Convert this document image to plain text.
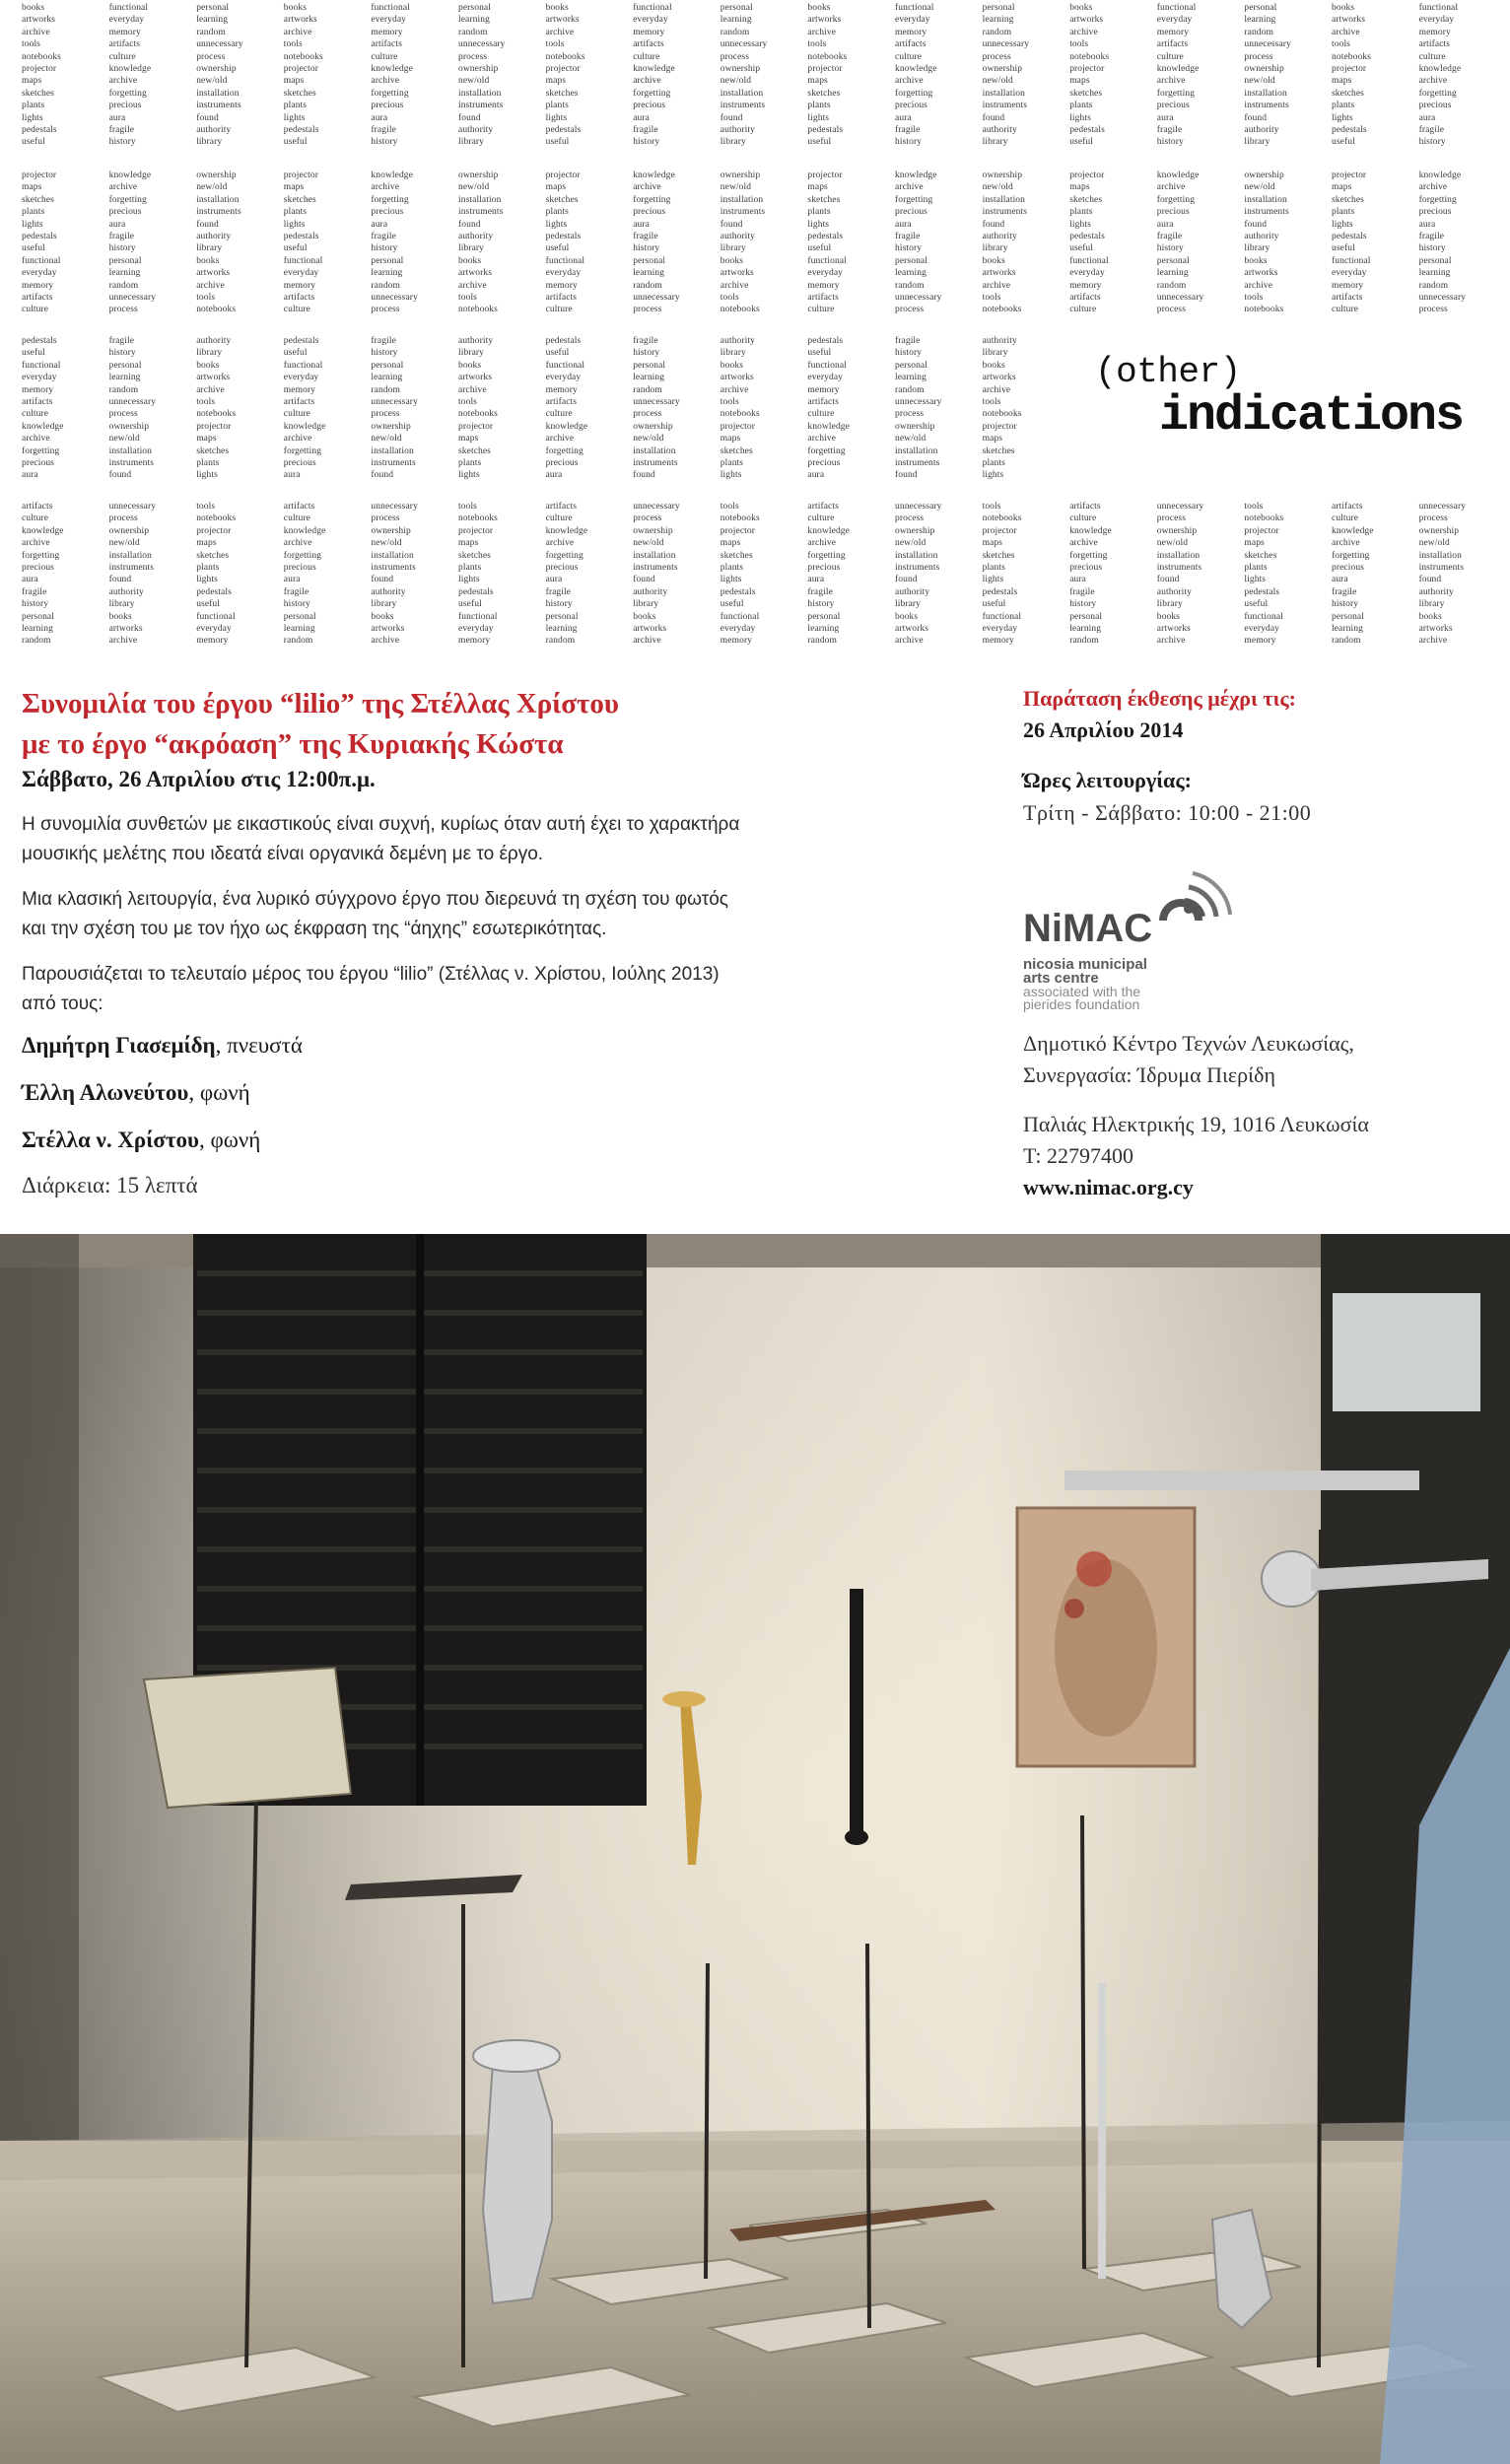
books
artworks
archive
tools
notebooks
projector
maps
sketches
plants
lights
pedestals
useful
functional
everyday
memory
artifacts
culture
knowledge
archive
forgetting
precious
aura
fragile
history
personal
learning
random
unnecessary
process
ownership
new/old
installation
instruments
found
authority
library
books
artworks
archive
tools
notebooks
projector
maps
sketches
plants
lights
pedestals
useful
functional
everyday
memory
artifacts
culture
knowledge
archive
forgetting
precious
aura
fragile
history
personal
learning
random
unnecessary
process
ownership
new/old
installation
instruments
found
authority
library
books
artworks
archive
tools
notebooks
projector
maps
sketches
plants
lights
pedestals
useful
functional
everyday
memory
artifacts
culture
knowledge
archive
forgetting
precious
aura
fragile
history
personal
learning
random
unnecessary
process
ownership
new/old
installation
instruments
found
authority
library
books
artworks
archive
tools
notebooks
projector
maps
sketches
plants
lights
pedestals
useful
functional
everyday
memory
artifacts
culture
knowledge
archive
forgetting
precious
aura
fragile
history
personal
learning
random
unnecessary
process
ownership
new/old
installation
instruments
found
authority
library
books
artworks
archive
tools
notebooks
projector
maps
sketches
plants
lights
pedestals
useful
functional
everyday
memory
artifacts
culture
knowledge
archive
forgetting
precious
aura
fragile
history
personal
learning
random
unnecessary
process
ownership
new/old
installation
instruments
found
authority
library
books
artworks
archive
tools
notebooks
projector
maps
sketches
plants
lights
pedestals
useful
functional
everyday
memory
artifacts
culture
knowledge
archive
forgetting
precious
aura
fragile
history
projector
maps
sketches
plants
lights
pedestals
useful
functional
everyday
memory
artifacts
culture
knowledge
archive
forgetting
precious
aura
fragile
history
personal
learning
random
unnecessary
process
ownership
new/old
installation
instruments
found
authority
library
books
artworks
archive
tools
notebooks
projector
maps
sketches
plants
lights
pedestals
useful
functional
everyday
memory
artifacts
culture
knowledge
archive
forgetting
precious
aura
fragile
history
personal
learning
random
unnecessary
process
ownership
new/old
installation
instruments
found
authority
library
books
artworks
archive
tools
notebooks
projector
maps
sketches
plants
lights
pedestals
useful
functional
everyday
memory
artifacts
culture
knowledge
archive
forgetting
precious
aura
fragile
history
personal
learning
random
unnecessary
process
ownership
new/old
installation
instruments
found
authority
library
books
artworks
archive
tools
notebooks
projector
maps
sketches
plants
lights
pedestals
useful
functional
everyday
memory
artifacts
culture
knowledge
archive
forgetting
precious
aura
fragile
history
personal
learning
random
unnecessary
process
ownership
new/old
installation
instruments
found
authority
library
books
artworks
archive
tools
notebooks
projector
maps
sketches
plants
lights
pedestals
useful
functional
everyday
memory
artifacts
culture
knowledge
archive
forgetting
precious
aura
fragile
history
personal
learning
random
unnecessary
process
ownership
new/old
installation
instruments
found
authority
library
books
artworks
archive
tools
notebooks
projector
maps
sketches
plants
lights
pedestals
useful
functional
everyday
memory
artifacts
culture
knowledge
archive
forgetting
precious
aura
fragile
history
personal
learning
random
unnecessary
process
pedestals
useful
functional
everyday
memory
artifacts
culture
knowledge
archive
forgetting
precious
aura
fragile
history
personal
learning
random
unnecessary
process
ownership
new/old
installation
instruments
found
authority
library
books
artworks
archive
tools
notebooks
projector
maps
sketches
plants
lights
pedestals
useful
functional
everyday
memory
artifacts
culture
knowledge
archive
forgetting
precious
aura
fragile
history
personal
learning
random
unnecessary
process
ownership
new/old
installation
instruments
found
authority
library
books
artworks
archive
tools
notebooks
projector
maps
sketches
plants
lights
pedestals
useful
functional
everyday
memory
artifacts
culture
knowledge
archive
forgetting
precious
aura
fragile
history
personal
learning
random
unnecessary
process
ownership
new/old
installation
instruments
found
authority
library
books
artworks
archive
tools
notebooks
projector
maps
sketches
plants
lights
pedestals
useful
functional
everyday
memory
artifacts
culture
knowledge
archive
forgetting
precious
aura
fragile
history
personal
learning
random
unnecessary
process
ownership
new/old
installation
instruments
found
authority
library
books
artworks
archive
tools
notebooks
projector
maps
sketches
plants
lights
artifacts
culture
knowledge
archive
forgetting
precious
aura
fragile
history
personal
learning
random
unnecessary
process
ownership
new/old
installation
instruments
found
authority
library
books
artworks
archive
tools
notebooks
projector
maps
sketches
plants
lights
pedestals
useful
functional
everyday
memory
artifacts
culture
knowledge
archive
forgetting
precious
aura
fragile
history
personal
learning
random
unnecessary
process
ownership
new/old
installation
instruments
found
authority
library
books
artworks
archive
tools
notebooks
projector
maps
sketches
plants
lights
pedestals
useful
functional
everyday
memory
artifacts
culture
knowledge
archive
forgetting
precious
aura
fragile
history
personal
learning
random
unnecessary
process
ownership
new/old
installation
instruments
found
authority
library
books
artworks
archive
tools
notebooks
projector
maps
sketches
plants
lights
pedestals
useful
functional
everyday
memory
artifacts
culture
knowledge
archive
forgetting
precious
aura
fragile
history
personal
learning
random
unnecessary
process
ownership
new/old
installation
instruments
found
authority
library
books
artworks
archive
tools
notebooks
projector
maps
sketches
plants
lights
pedestals
useful
functional
everyday
memory
artifacts
culture
knowledge
archive
forgetting
precious
aura
fragile
history
personal
learning
random
unnecessary
process
ownership
new/old
installation
instruments
found
authority
library
books
artworks
archive
tools
notebooks
projector
maps
sketches
plants
lights
pedestals
useful
functional
everyday
memory
artifacts
culture
knowledge
archive
forgetting
precious
aura
fragile
history
personal
learning
random
unnecessary
process
ownership
new/old
installation
instruments
found
authority
library
books
artworks
archive
(other)
indications
Συνομιλία του έργου “lilio” της Στέλλας Χρίστου
με το έργο “ακρόαση” της Κυριακής Κώστα
Σάββατο, 26 Απριλίου στις 12:00π.μ.
Η συνομιλία συνθετών με εικαστικούς είναι συχνή, κυρίως όταν αυτή έχει το χαρακτήρα
μουσικής μελέτης που ιδεατά είναι οργανικά δεμένη με το έργο.
Μια κλασική λειτουργία, ένα λυρικό σύγχρονο έργο που διερευνά τη σχέση του φωτός
και την σχέση του με τον ήχο ως έκφραση της “άηχης” εσωτερικότητας.
Παρουσιάζεται το τελευταίο μέρος του έργου “lilio” (Στέλλας ν. Χρίστου, Ιούλης 2013)
από τους:
Δημήτρη Γιασεμίδη, πνευστά
Έλλη Αλωνεύτου, φωνή
Στέλλα ν. Χρίστου, φωνή
Διάρκεια: 15 λεπτά
Παράταση έκθεσης μέχρι τις:
26 Απριλίου 2014
Ώρες λειτουργίας:
Τρίτη - Σάββατο: 10:00 - 21:00
NiMAC
nicosia municipal
arts centre
associated with the
pierides foundation
Δημοτικό Κέντρο Τεχνών Λευκωσίας,
Συνεργασία: Ίδρυμα Πιερίδη
Παλιάς Ηλεκτρικής 19, 1016 Λευκωσία
Τ: 22797400
www.nimac.org.cy
